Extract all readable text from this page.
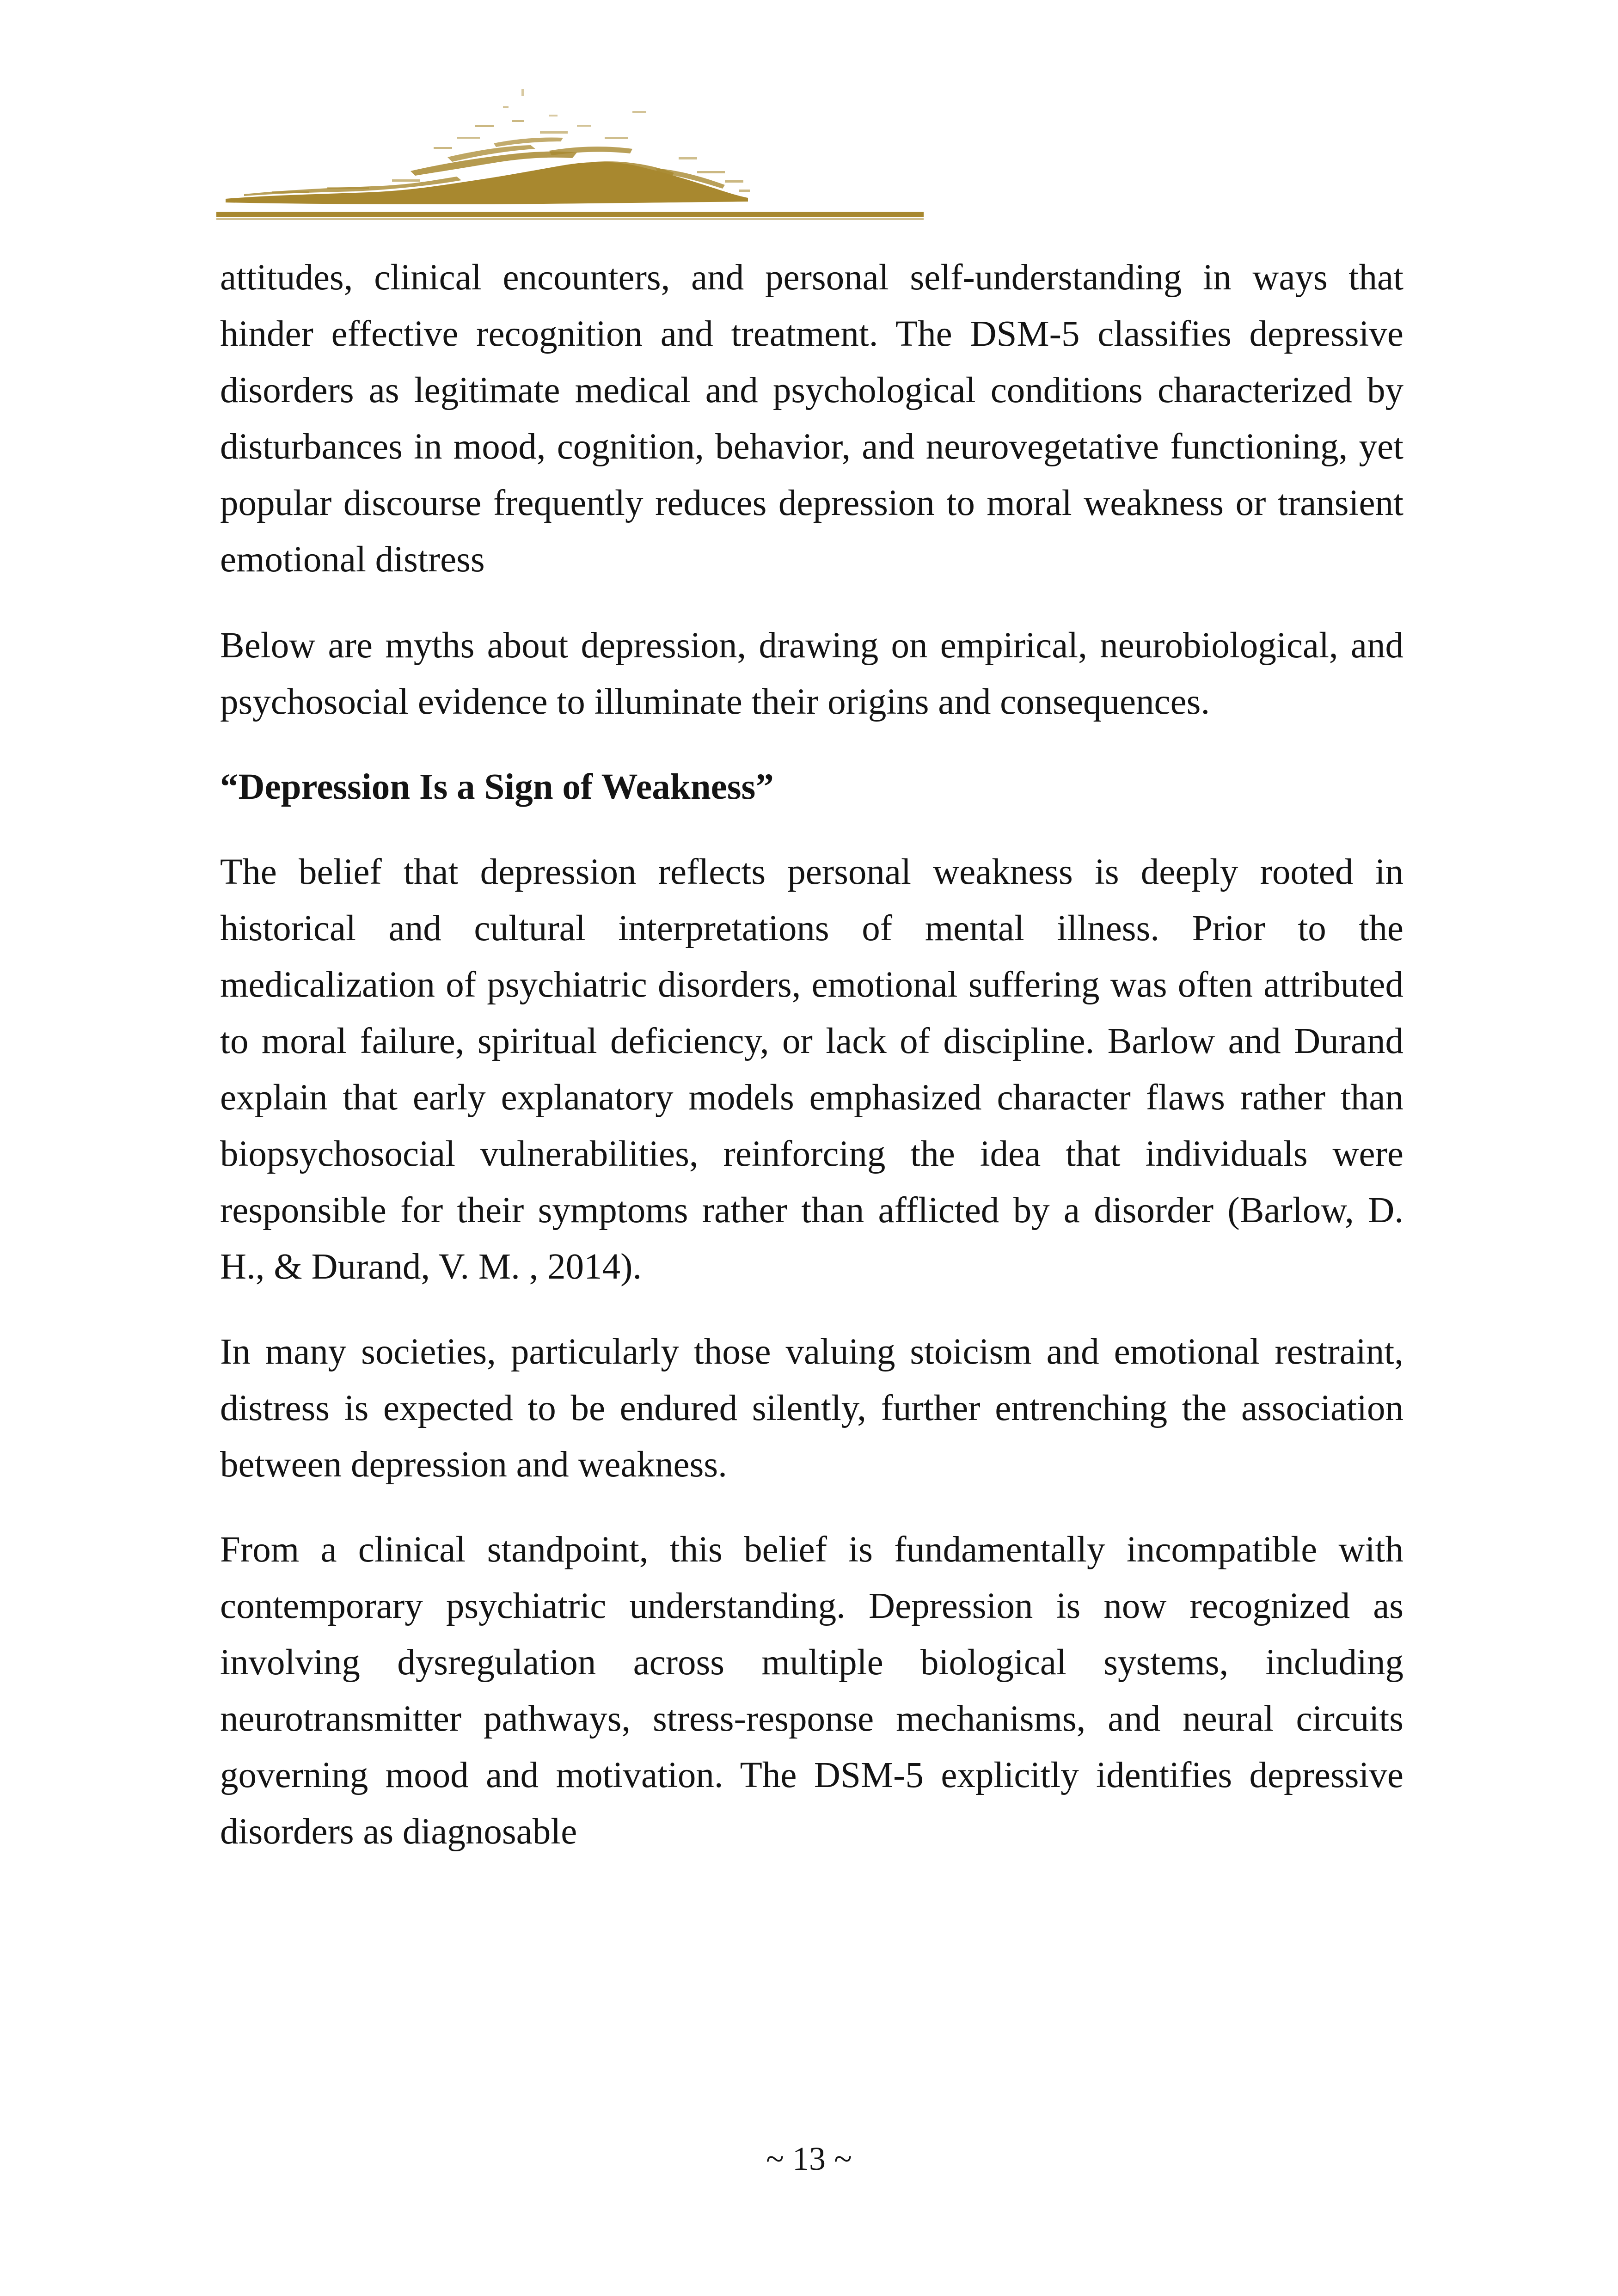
attitudes, clinical encounters, and personal self-understanding in ways that hinder effective recognition and treatment. The DSM-5 classifies depressive disorders as legitimate medical and psychological conditions characterized by disturbances in mood, cognition, behavior, and neurovegetative functioning, yet popular discourse frequently reduces depression to moral weakness or transient emotional distress

Below are myths about depression, drawing on empirical, neurobiological, and psychosocial evidence to illuminate their origins and consequences.

“Depression Is a Sign of Weakness”

The belief that depression reflects personal weakness is deeply rooted in historical and cultural interpretations of mental illness. Prior to the medicalization of psychiatric disorders, emotional suffering was often attributed to moral failure, spiritual deficiency, or lack of discipline. Barlow and Durand explain that early explanatory models emphasized character flaws rather than biopsychosocial vulnerabilities, reinforcing the idea that individuals were responsible for their symptoms rather than afflicted by a disorder (Barlow, D. H., & Durand, V. M. , 2014).

In many societies, particularly those valuing stoicism and emotional restraint, distress is expected to be endured silently, further entrenching the association between depression and weakness.

From a clinical standpoint, this belief is fundamentally incompatible with contemporary psychiatric understanding. Depression is now recognized as involving dysregulation across multiple biological systems, including neurotransmitter pathways, stress-response mechanisms, and neural circuits governing mood and motivation. The DSM-5 explicitly identifies depressive disorders as diagnosable

~ 13 ~
